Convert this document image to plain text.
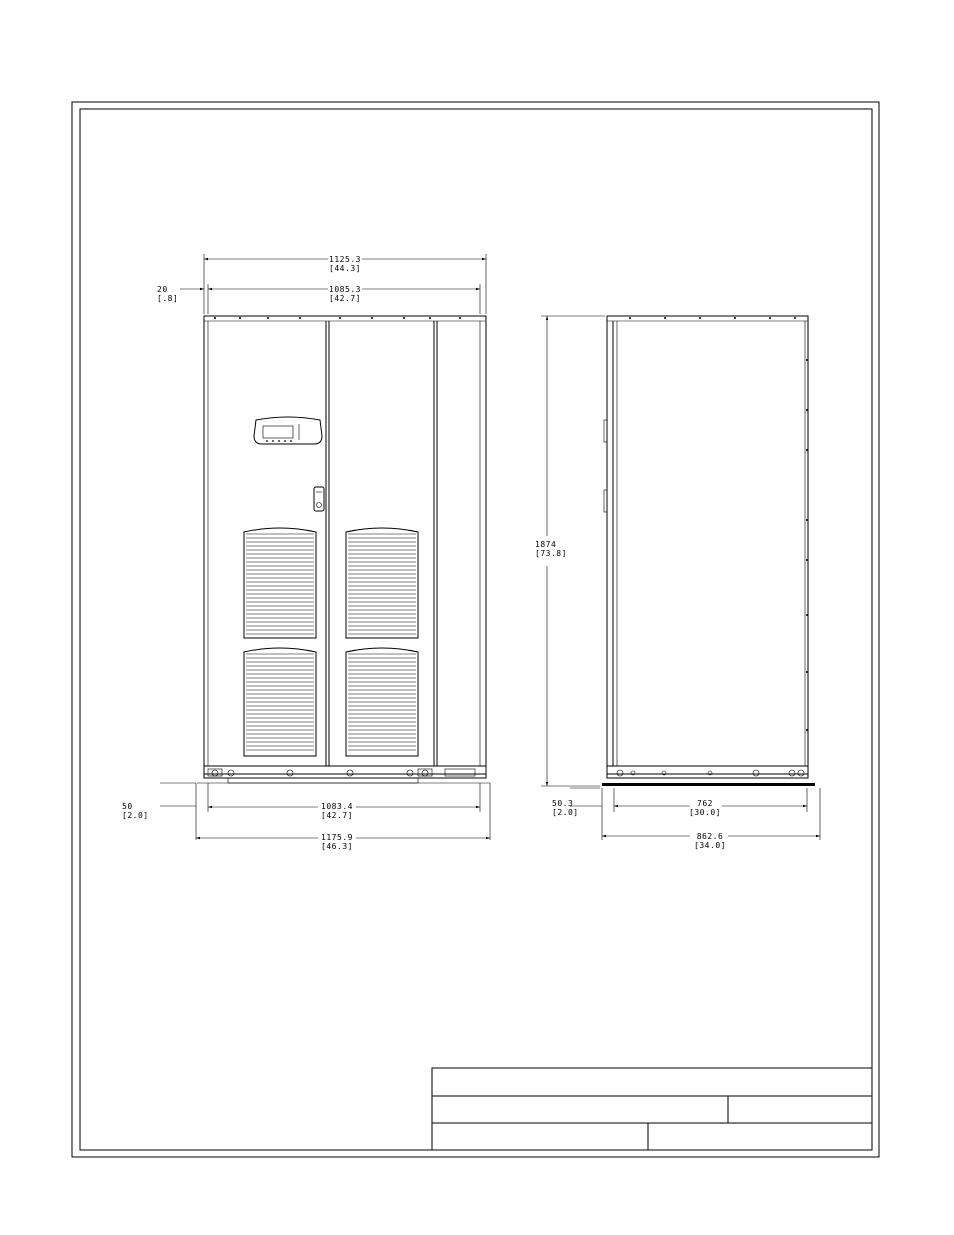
1125.3
[44.3]
1085.3
[42.7]
20
[.8]
50
[2.0]
1083.4
[42.7]
1175.9
[46.3]
1874
[73.8]
50.3
[2.0]
762
[30.0]
862.6
[34.0]
